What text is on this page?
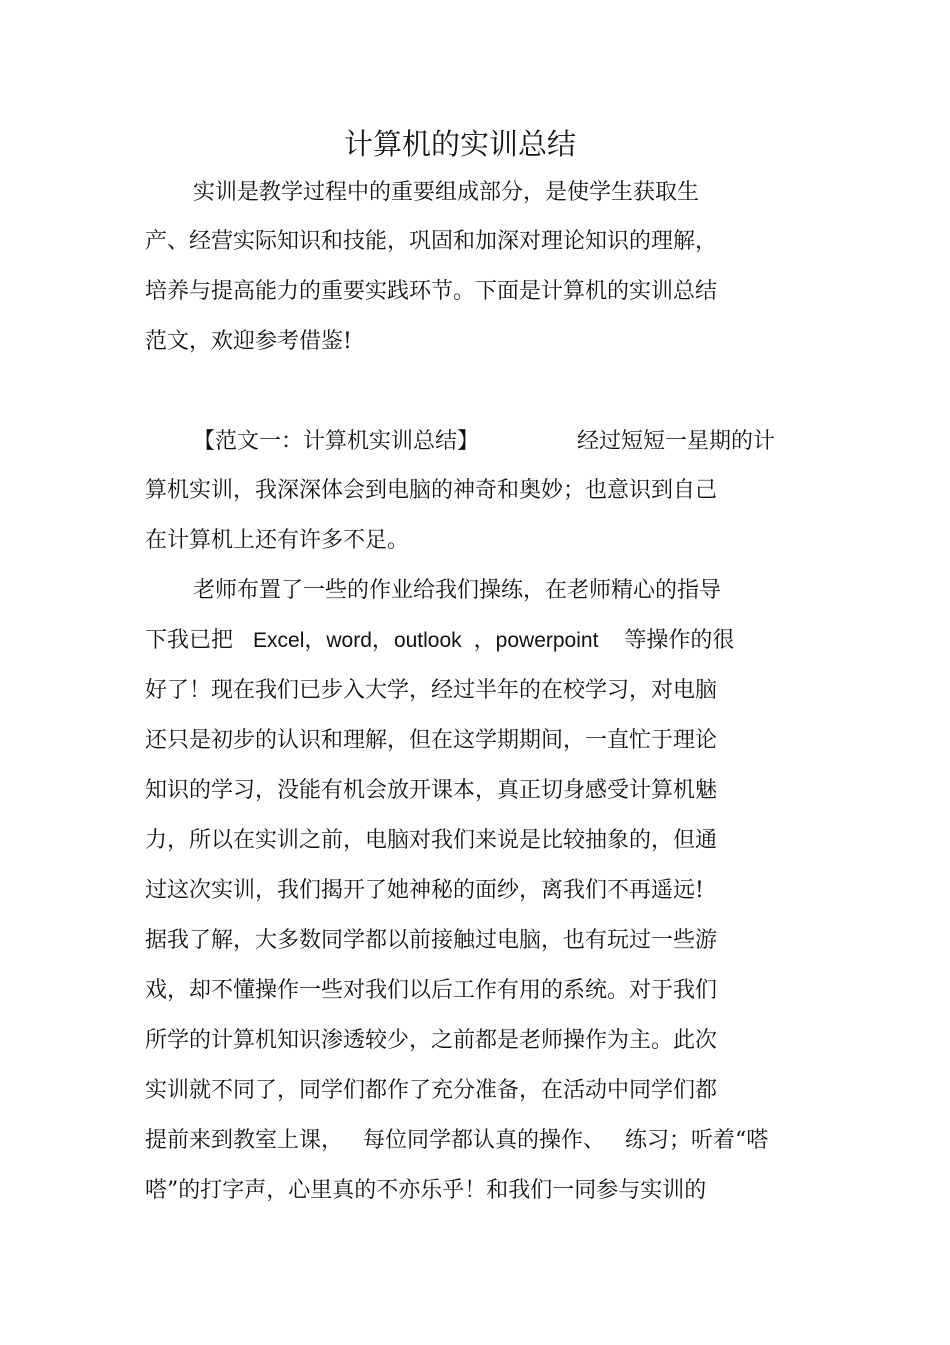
计算机的实训总结
实训是教学过程中的重要组成部分，是使学生获取生
产、经营实际知识和技能，巩固和加深对理论知识的理解，
培养与提高能力的重要实践环节。下面是计算机的实训总结
范文，欢迎参考借鉴!
【范文一：计算机实训总结】	经过短短一星期的计
算机实训，我深深体会到电脑的神奇和奥妙；也意识到自己
在计算机上还有许多不足。
老师布置了一些的作业给我们操练，在老师精心的指导
下我已把 Excel，word，outlook ，powerpoint 等操作的很
好了！现在我们已步入大学，经过半年的在校学习，对电脑
还只是初步的认识和理解，但在这学期期间，一直忙于理论
知识的学习，没能有机会放开课本，真正切身感受计算机魅
力，所以在实训之前，电脑对我们来说是比较抽象的，但通
过这次实训，我们揭开了她神秘的面纱，离我们不再遥远!
据我了解，大多数同学都以前接触过电脑，也有玩过一些游
戏，却不懂操作一些对我们以后工作有用的系统。对于我们
所学的计算机知识渗透较少，之前都是老师操作为主。此次
实训就不同了，同学们都作了充分准备，在活动中同学们都
提前来到教室上课， 每位同学都认真的操作、 练习；听着“嗒
嗒”的打字声，心里真的不亦乐乎！和我们一同参与实训的
